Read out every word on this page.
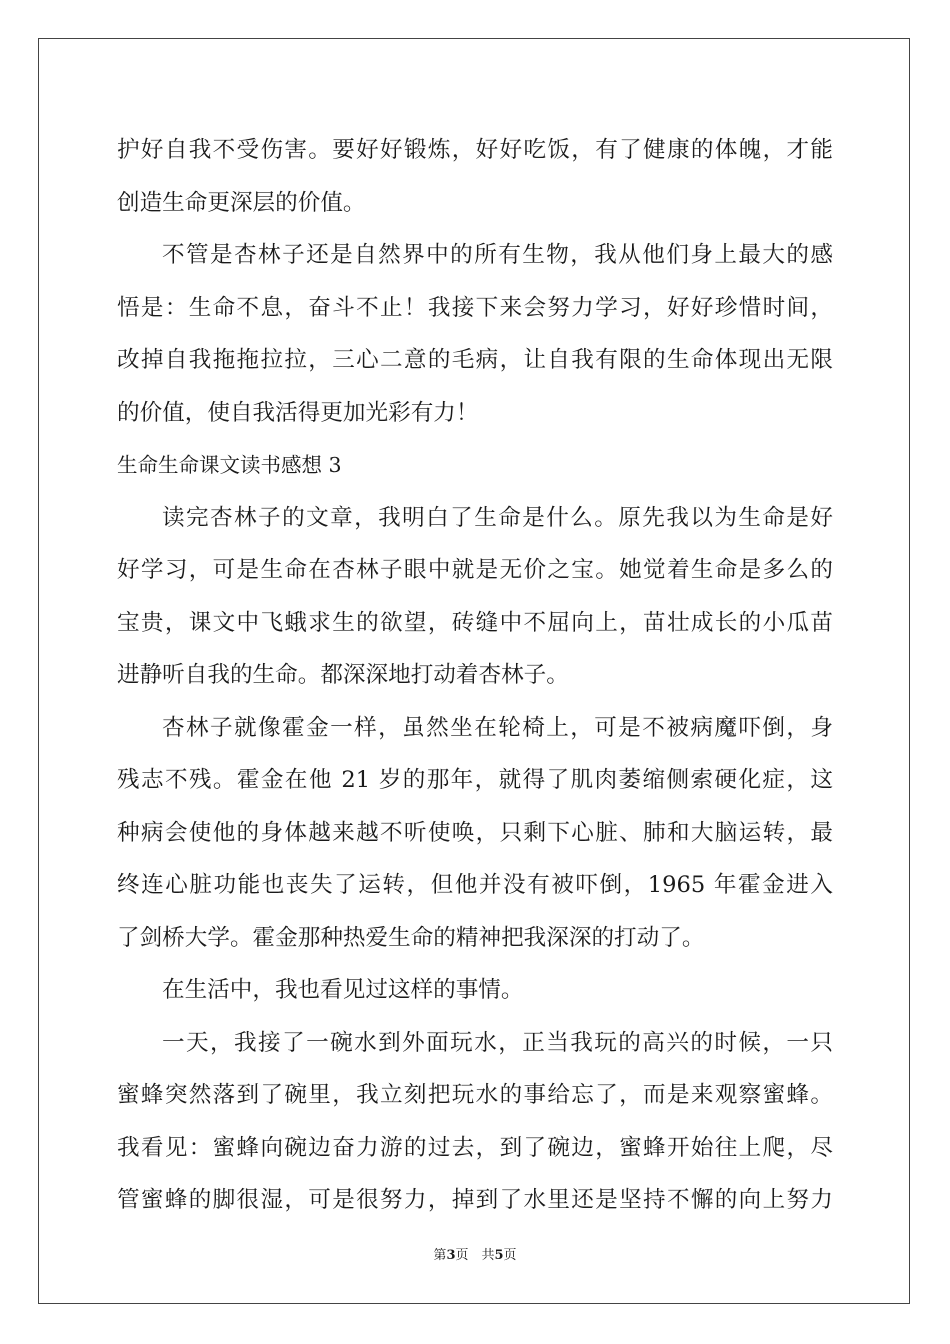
护好自我不受伤害。要好好锻炼，好好吃饭，有了健康的体魄，才能
创造生命更深层的价值。
不管是杏林子还是自然界中的所有生物，我从他们身上最大的感
悟是：生命不息，奋斗不止！我接下来会努力学习，好好珍惜时间，
改掉自我拖拖拉拉，三心二意的毛病，让自我有限的生命体现出无限
的价值，使自我活得更加光彩有力！
生命生命课文读书感想 3
读完杏林子的文章，我明白了生命是什么。原先我以为生命是好
好学习，可是生命在杏林子眼中就是无价之宝。她觉着生命是多么的
宝贵，课文中飞蛾求生的欲望，砖缝中不屈向上，苗壮成长的小瓜苗
进静听自我的生命。都深深地打动着杏林子。
杏林子就像霍金一样，虽然坐在轮椅上，可是不被病魔吓倒，身
残志不残。霍金在他 21 岁的那年，就得了肌肉萎缩侧索硬化症，这
种病会使他的身体越来越不听使唤，只剩下心脏、肺和大脑运转，最
终连心脏功能也丧失了运转，但他并没有被吓倒，1965 年霍金进入
了剑桥大学。霍金那种热爱生命的精神把我深深的打动了。
在生活中，我也看见过这样的事情。
一天，我接了一碗水到外面玩水，正当我玩的高兴的时候，一只
蜜蜂突然落到了碗里，我立刻把玩水的事给忘了，而是来观察蜜蜂。
我看见：蜜蜂向碗边奋力游的过去，到了碗边，蜜蜂开始往上爬，尽
管蜜蜂的脚很湿，可是很努力，掉到了水里还是坚持不懈的向上努力
第3页　共5页
